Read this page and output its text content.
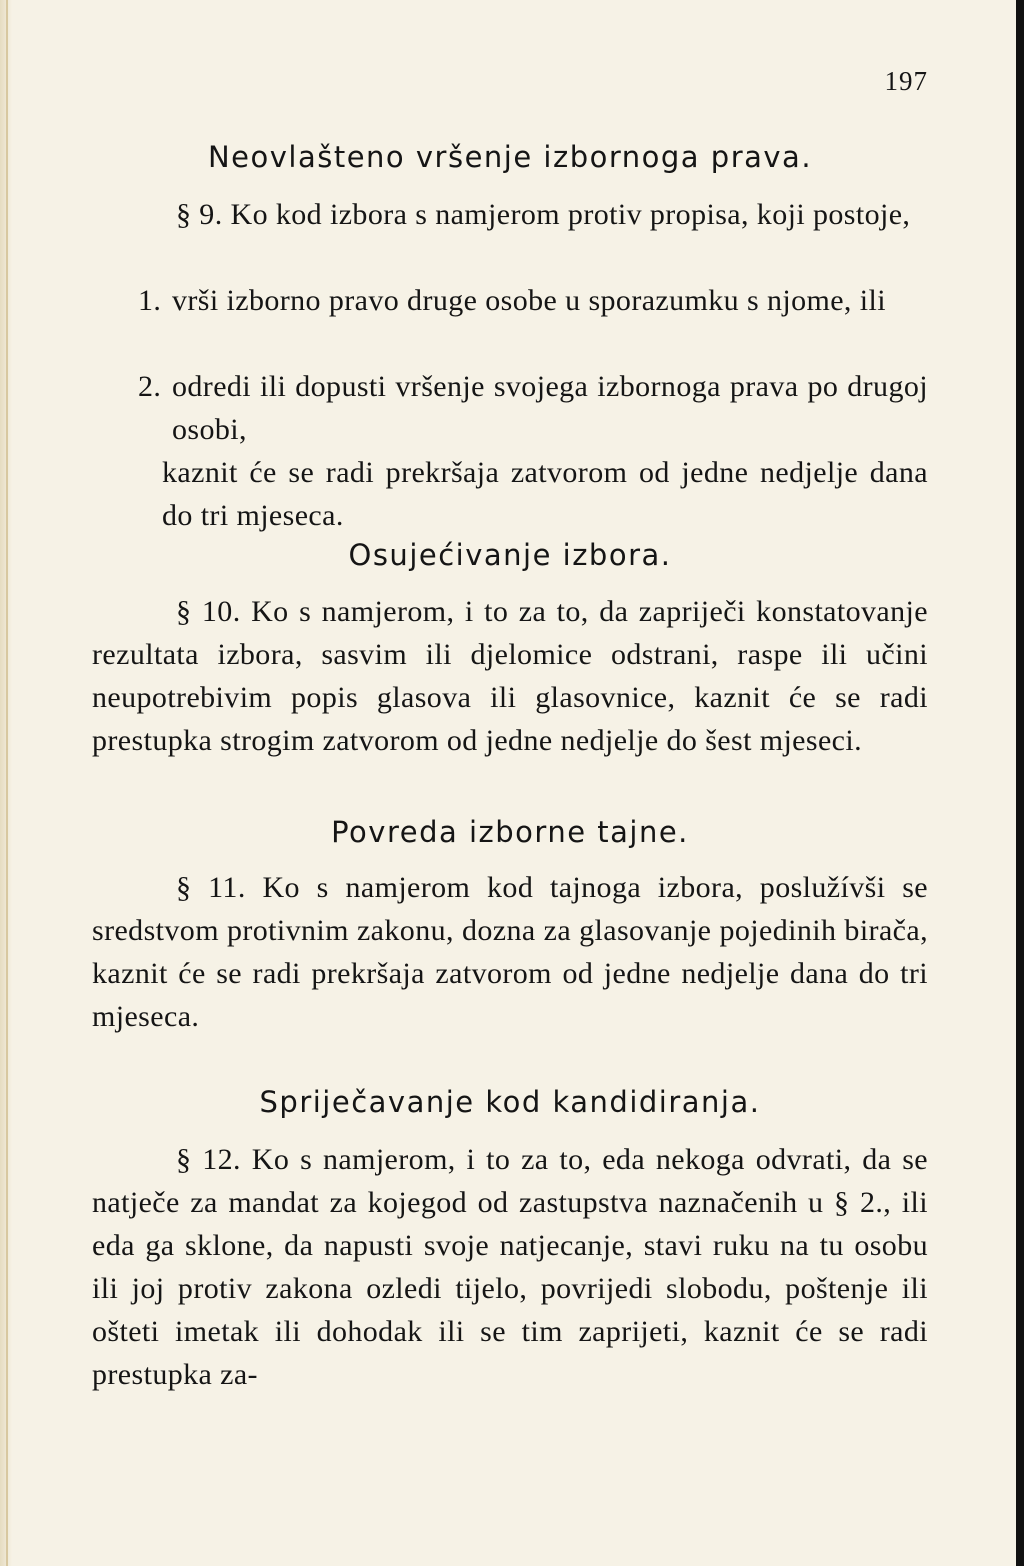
197
Neovlašteno vršenje izbornoga prava.
§ 9. Ko kod izbora s namjerom protiv propisa, koji postoje,
1. vrši izborno pravo druge osobe u sporazumku s njome, ili
2. odredi ili dopusti vršenje svojega izbornoga prava po drugoj osobi,
kaznit će se radi prekršaja zatvorom od jedne nedjelje dana do tri mjeseca.
Osujećivanje izbora.
§ 10. Ko s namjerom, i to za to, da zapriječi konstatovanje rezultata izbora, sasvim ili djelomice odstrani, raspe ili učini neupotrebivim popis glasova ili glasovnice, kaznit će se radi prestupka strogim zatvorom od jedne nedjelje do šest mjeseci.
Povreda izborne tajne.
§ 11. Ko s namjerom kod tajnoga izbora, poslužívši se sredstvom protivnim zakonu, dozna za glasovanje pojedinih birača, kaznit će se radi prekršaja zatvorom od jedne nedjelje dana do tri mjeseca.
Spriječavanje kod kandidiranja.
§ 12. Ko s namjerom, i to za to, eda nekoga odvrati, da se natječe za mandat za kojegod od zastupstva naznačenih u § 2., ili eda ga sklone, da napusti svoje natjecanje, stavi ruku na tu osobu ili joj protiv zakona ozledi tijelo, povrijedi slobodu, poštenje ili ošteti imetak ili dohodak ili se tim zaprijeti, kaznit će se radi prestupka za-
